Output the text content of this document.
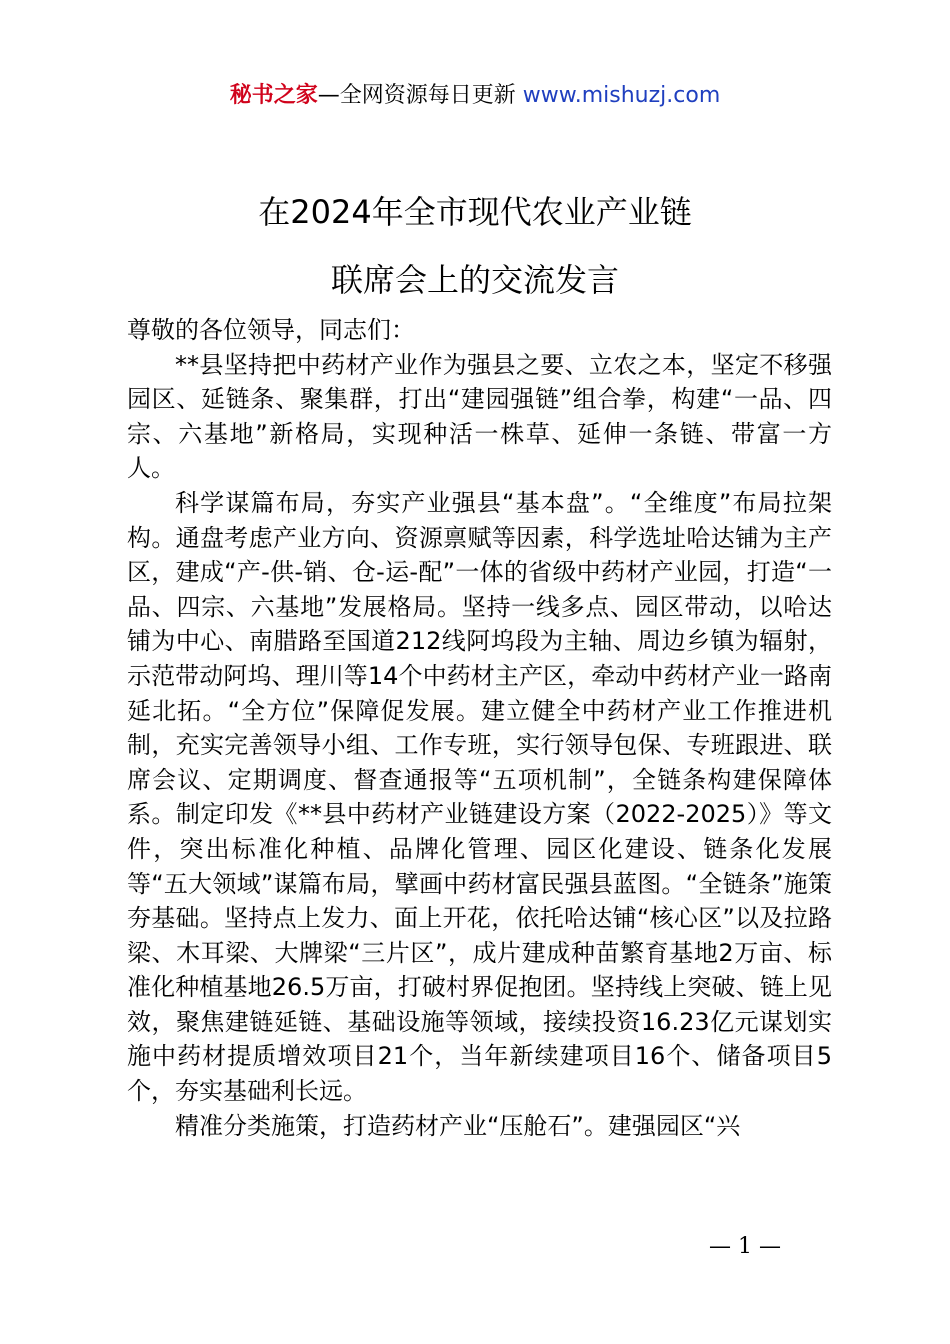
秘书之家—全网资源每日更新 www.mishuzj.com
在2024年全市现代农业产业链
联席会上的交流发言

尊敬的各位领导，同志们：

**县坚持把中药材产业作为强县之要、立农之本，坚定不移强园区、延链条、聚集群，打出“建园强链”组合拳，构建“一品、四宗、六基地”新格局，实现种活一株草、延伸一条链、带富一方人。

科学谋篇布局，夯实产业强县“基本盘”。“全维度”布局拉架构。通盘考虑产业方向、资源禀赋等因素，科学选址哈达铺为主产区，建成“产-供-销、仓-运-配”一体的省级中药材产业园，打造“一品、四宗、六基地”发展格局。坚持一线多点、园区带动，以哈达铺为中心、南腊路至国道212线阿坞段为主轴、周边乡镇为辐射，示范带动阿坞、理川等14个中药材主产区，牵动中药材产业一路南延北拓。“全方位”保障促发展。建立健全中药材产业工作推进机制，充实完善领导小组、工作专班，实行领导包保、专班跟进、联席会议、定期调度、督查通报等“五项机制”，全链条构建保障体系。制定印发《**县中药材产业链建设方案（2022-2025）》等文件，突出标准化种植、品牌化管理、园区化建设、链条化发展等“五大领域”谋篇布局，擘画中药材富民强县蓝图。“全链条”施策夯基础。坚持点上发力、面上开花，依托哈达铺“核心区”以及拉路梁、木耳梁、大牌梁“三片区”，成片建成种苗繁育基地2万亩、标准化种植基地26.5万亩，打破村界促抱团。坚持线上突破、链上见效，聚焦建链延链、基础设施等领域，接续投资16.23亿元谋划实施中药材提质增效项目21个，当年新续建项目16个、储备项目5个，夯实基础利长远。

精准分类施策，打造药材产业“压舱石”。建强园区“兴

— 1 —
